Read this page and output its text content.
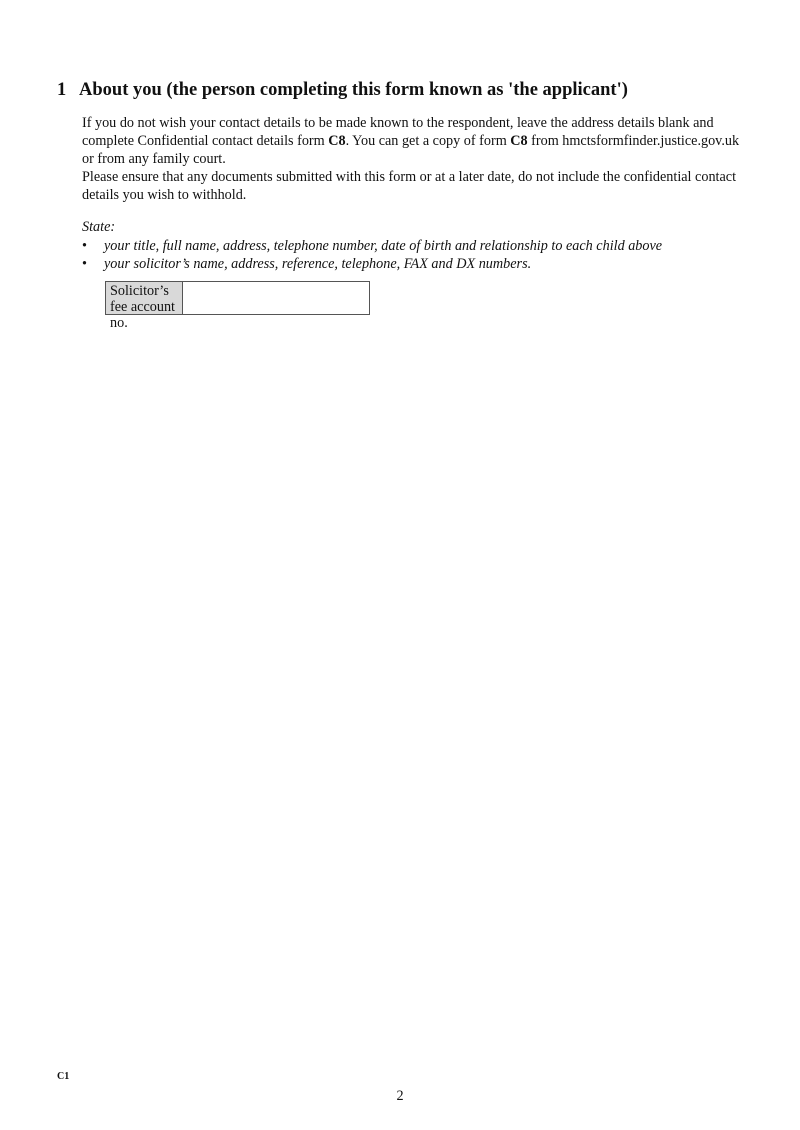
1 About you (the person completing this form known as 'the applicant')

If you do not wish your contact details to be made known to the respondent, leave the address details blank and complete Confidential contact details form C8. You can get a copy of form C8 from hmctsformfinder.justice.gov.uk or from any family court.

Please ensure that any documents submitted with this form or at a later date, do not include the confidential contact details you wish to withhold.

State:
•	your title, full name, address, telephone number, date of birth and relationship to each child above
•	your solicitor’s name, address, reference, telephone, FAX and DX numbers.
Solicitor’s fee account no.
C1
2
